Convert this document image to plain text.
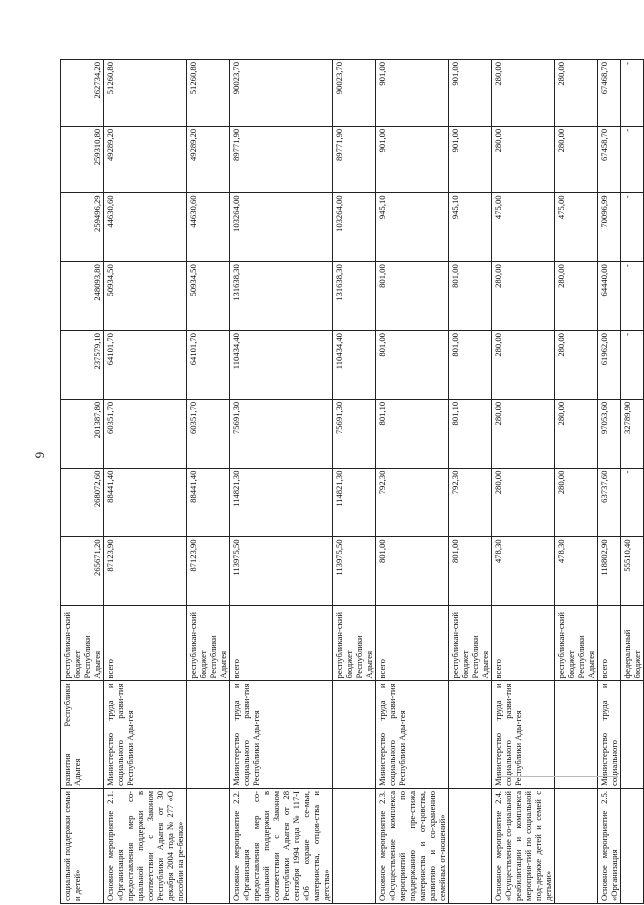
6
социальной поддержки семьи и детей»	развития Республики Адыгея	республикан-ский бюджет Республики Адыгея	265671,20	268072,60	201387,80	237579,10	248093,80	259496,29	259310,80	262734,20
Основное мероприятие 2.1. «Организация предоставления мер со-циальной поддержки в соответствии с Законом Республики Адыгея от 30 декабря 2004 года № 277 «О пособии на ре-бенка»	Министерство труда и социального разви-тия Республики Ады-гея	всего	87123,90	88441,40	60351,70	64101,70	50934,50	44630,60	49289,20	51260,80
		республикан-ский бюджет Республики Адыгея	87123,90	88441,40	60351,70	64101,70	50934,50	44630,60	49289,20	51260,80
Основное мероприятие 2.2. «Организация предоставления мер со-циальной поддержки в соответствии с Законом Республики Адыгея от 28 сентября 1994 года № 117-I «Об охране се-мьи, материнства, отцов-ства и детства»	Министерство труда и социального разви-тия Республики Ады-гея	всего	113975,50	114821,30	75691,30	110434,40	131638,30	103264,00	89771,90	90023,70
		республикан-ский бюджет Республики Адыгея	113975,50	114821,30	75691,30	110434,40	131638,30	103264,00	89771,90	90023,70
Основное мероприятие 2.3. «Осуществление комплекса мероприятий по поддержанию пре-стижа материнства и от-цовства, развитию и со-хранению семейных от-ношений»	Министерство труда и социального разви-тия Республики Ады-гея	всего	801,00	792,30	801,10	801,00	801,00	945,10	901,00	901,00
		республикан-ский бюджет Республики Адыгея	801,00	792,30	801,10	801,00	801,00	945,10	901,00	901,00
Основное мероприятие 2.4. «Осуществление со-циальной реабилитации и комплекса мероприя-тий по социальной под-держке детей и семей с детьми»	Министерство труда и социального разви-тия Республики Ады-гея	всего	478,30	280,00	280,00	280,00	280,00	475,00	280,00	280,00
		республикан-ский бюджет Республики Адыгея	478,30	280,00	280,00	280,00	280,00	475,00	280,00	280,00
Основное мероприятие 2.5. «Организация	Министерство труда и социального	всего	118802,90	63737,60	97053,60	61962,00	64440,00	70096,99	67458,70	67468,70
		федеральный бюджет	55510,40	-	32789,90	-	-	-	-	-
